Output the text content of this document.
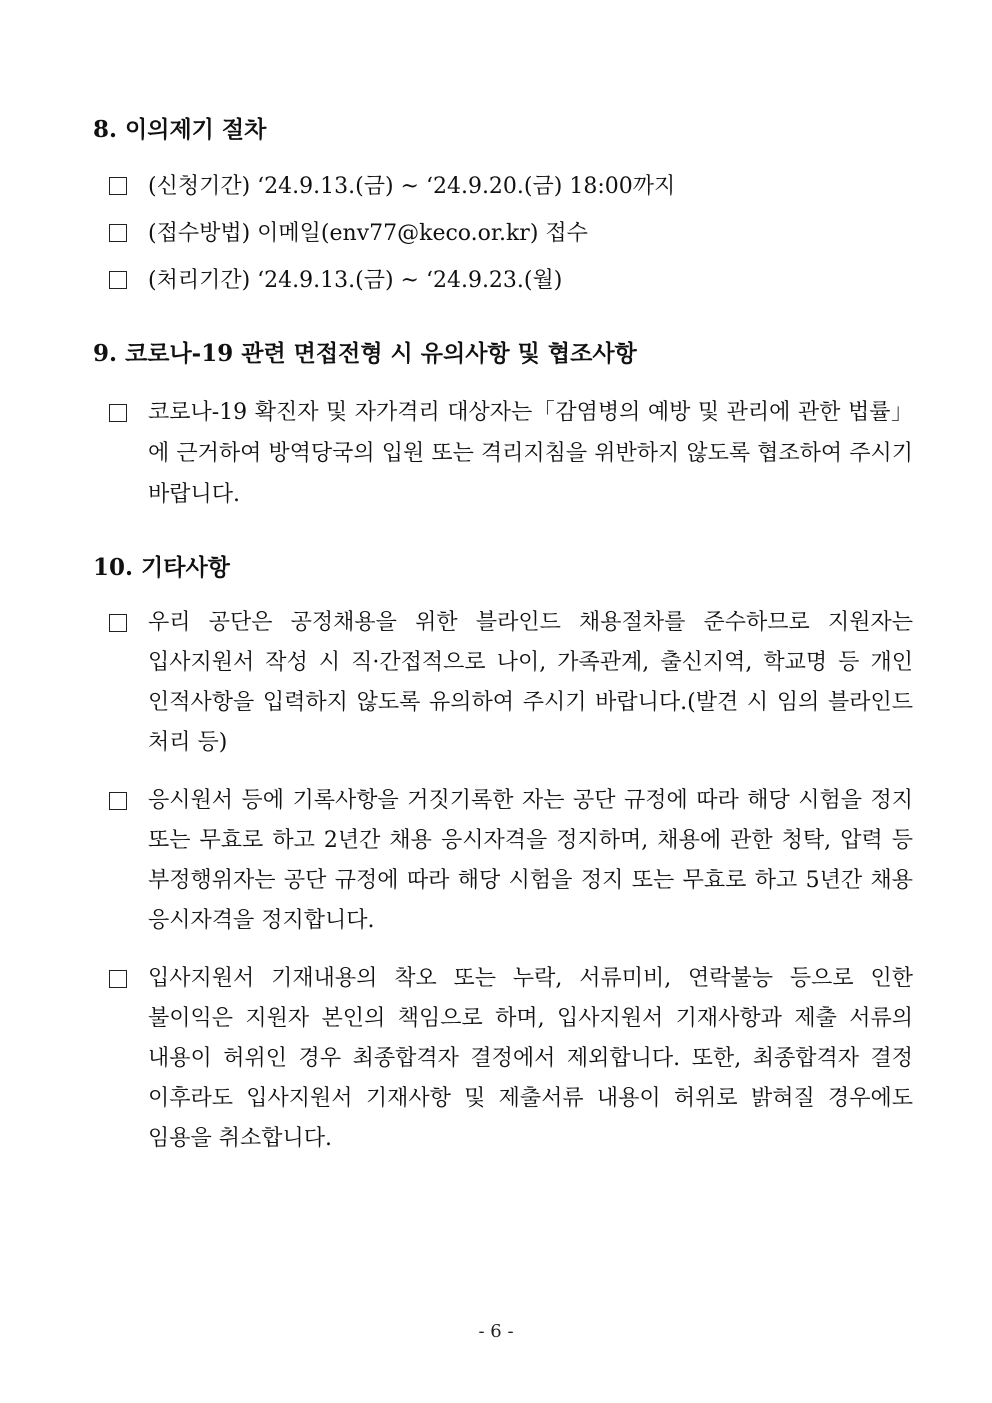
8. 이의제기 절차
(신청기간) ‘24.9.13.(금) ~ ‘24.9.20.(금) 18:00까지
(접수방법) 이메일(env77@keco.or.kr) 접수
(처리기간) ‘24.9.13.(금) ~ ‘24.9.23.(월)
9. 코로나-19 관련 면접전형 시 유의사항 및 협조사항
코로나-19 확진자 및 자가격리 대상자는「감염병의 예방 및 관리에 관한 법률」에 근거하여 방역당국의 입원 또는 격리지침을 위반하지 않도록 협조하여 주시기 바랍니다.
10. 기타사항
우리 공단은 공정채용을 위한 블라인드 채용절차를 준수하므로 지원자는 입사지원서 작성 시 직·간접적으로 나이, 가족관계, 출신지역, 학교명 등 개인 인적사항을 입력하지 않도록 유의하여 주시기 바랍니다.(발견 시 임의 블라인드 처리 등)
응시원서 등에 기록사항을 거짓기록한 자는 공단 규정에 따라 해당 시험을 정지 또는 무효로 하고 2년간 채용 응시자격을 정지하며, 채용에 관한 청탁, 압력 등 부정행위자는 공단 규정에 따라 해당 시험을 정지 또는 무효로 하고 5년간 채용 응시자격을 정지합니다.
입사지원서 기재내용의 착오 또는 누락, 서류미비, 연락불능 등으로 인한 불이익은 지원자 본인의 책임으로 하며, 입사지원서 기재사항과 제출 서류의 내용이 허위인 경우 최종합격자 결정에서 제외합니다. 또한, 최종합격자 결정 이후라도 입사지원서 기재사항 및 제출서류 내용이 허위로 밝혀질 경우에도 임용을 취소합니다.
- 6 -
